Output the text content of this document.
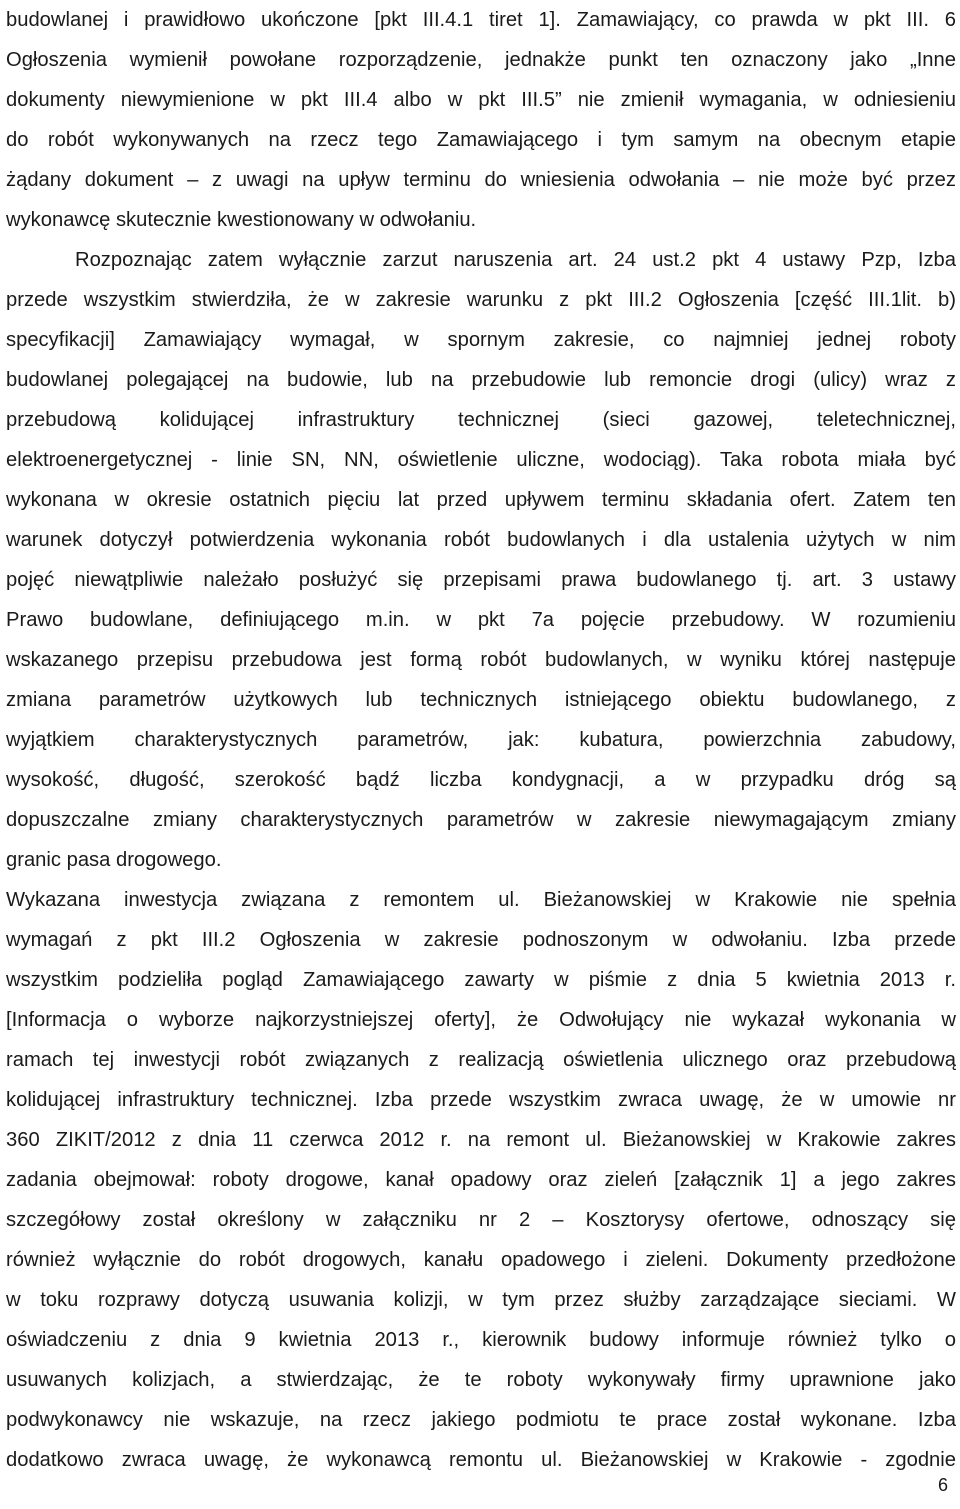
budowlanej i prawidłowo ukończone [pkt III.4.1 tiret 1]. Zamawiający, co prawda w pkt III. 6
Ogłoszenia wymienił powołane rozporządzenie, jednakże punkt ten oznaczony jako „Inne
dokumenty niewymienione w pkt III.4 albo w pkt III.5” nie zmienił wymagania, w odniesieniu
do robót wykonywanych na rzecz tego Zamawiającego i tym samym na obecnym etapie
żądany dokument – z uwagi na upływ terminu do wniesienia odwołania – nie może być przez
wykonawcę skutecznie kwestionowany w odwołaniu.
Rozpoznając zatem wyłącznie zarzut naruszenia art. 24 ust.2 pkt 4 ustawy Pzp, Izba
przede wszystkim stwierdziła, że w zakresie warunku z pkt III.2 Ogłoszenia [część III.1lit. b)
specyfikacji] Zamawiający wymagał, w spornym zakresie, co najmniej jednej roboty
budowlanej polegającej na budowie, lub na przebudowie lub remoncie drogi (ulicy) wraz z
przebudową kolidującej infrastruktury technicznej (sieci gazowej, teletechnicznej,
elektroenergetycznej - linie SN, NN, oświetlenie uliczne, wodociąg). Taka robota miała być
wykonana w okresie ostatnich pięciu lat przed upływem terminu składania ofert. Zatem ten
warunek dotyczył potwierdzenia wykonania robót budowlanych i dla ustalenia użytych w nim
pojęć niewątpliwie należało posłużyć się przepisami prawa budowlanego tj. art. 3 ustawy
Prawo budowlane, definiującego m.in. w pkt 7a pojęcie przebudowy. W rozumieniu
wskazanego przepisu przebudowa jest formą robót budowlanych, w wyniku której następuje
zmiana parametrów użytkowych lub technicznych istniejącego obiektu budowlanego, z
wyjątkiem charakterystycznych parametrów, jak: kubatura, powierzchnia zabudowy,
wysokość, długość, szerokość bądź liczba kondygnacji, a w przypadku dróg są
dopuszczalne zmiany charakterystycznych parametrów w zakresie niewymagającym zmiany
granic pasa drogowego.
Wykazana inwestycja związana z remontem ul. Bieżanowskiej w Krakowie nie spełnia
wymagań z pkt III.2 Ogłoszenia w zakresie podnoszonym w odwołaniu. Izba przede
wszystkim podzieliła pogląd Zamawiającego zawarty w piśmie z dnia 5 kwietnia 2013 r.
[Informacja o wyborze najkorzystniejszej oferty], że Odwołujący nie wykazał wykonania w
ramach tej inwestycji robót związanych z realizacją oświetlenia ulicznego oraz przebudową
kolidującej infrastruktury technicznej. Izba przede wszystkim zwraca uwagę, że w umowie nr
360 ZIKIT/2012 z dnia 11 czerwca 2012 r. na remont ul. Bieżanowskiej w Krakowie zakres
zadania obejmował: roboty drogowe, kanał opadowy oraz zieleń [załącznik 1] a jego zakres
szczegółowy został określony w załączniku nr 2 – Kosztorysy ofertowe, odnoszący się
również wyłącznie do robót drogowych, kanału opadowego i zieleni. Dokumenty przedłożone
w toku rozprawy dotyczą usuwania kolizji, w tym przez służby zarządzające sieciami. W
oświadczeniu z dnia 9 kwietnia 2013 r., kierownik budowy informuje również tylko o
usuwanych kolizjach, a stwierdzając, że te roboty wykonywały firmy uprawnione jako
podwykonawcy nie wskazuje, na rzecz jakiego podmiotu te prace został wykonane. Izba
dodatkowo zwraca uwagę, że wykonawcą remontu ul. Bieżanowskiej w Krakowie - zgodnie
6
